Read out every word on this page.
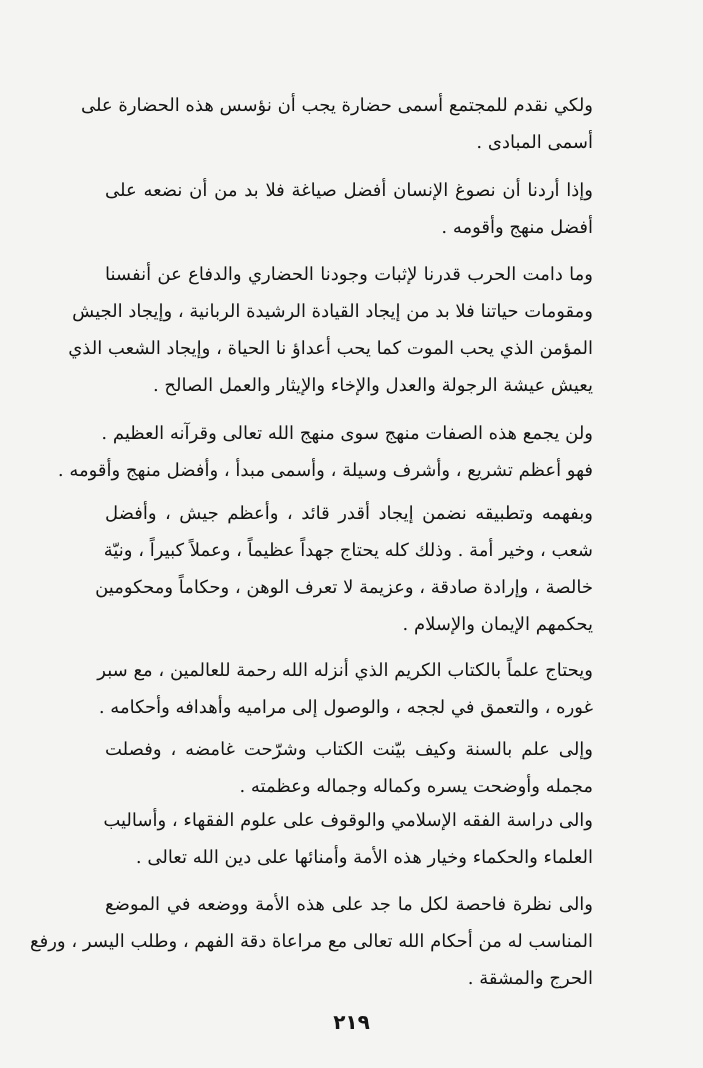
ولكي نقدم للمجتمع أسمى حضارة يجب أن نؤسس هذه الحضارة على
أسمى المبادى .
وإذا أردنا أن نصوغ الإنسان أفضل صياغة فلا بد من أن نضعه على
أفضل منهج وأقومه .
وما دامت الحرب قدرنا لإثبات وجودنا الحضاري والدفاع عن أنفسنا
ومقومات حياتنا فلا بد من إيجاد القيادة الرشيدة الربانية ، وإيجاد الجيش
المؤمن الذي يحب الموت كما يحب أعداؤ نا الحياة ، وإيجاد الشعب الذي
يعيش عيشة الرجولة والعدل والإخاء والإيثار والعمل الصالح .
ولن يجمع هذه الصفات منهج سوى منهج الله تعالى وقرآنه العظيم .
فهو أعظم تشريع ، وأشرف وسيلة ، وأسمى مبدأ ، وأفضل منهج وأقومه .
وبفهمه وتطبيقه نضمن إيجاد أقدر قائد ، وأعظم جيش ، وأفضل
شعب ، وخير أمة . وذلك كله يحتاج جهداً عظيماً ، وعملاً كبيراً ، ونيّة
خالصة ، وإرادة صادقة ، وعزيمة لا تعرف الوهن ، وحكاماً ومحكومين
يحكمهم الإيمان والإسلام .
ويحتاج علماً بالكتاب الكريم الذي أنزله الله رحمة للعالمين ، مع سبر
غوره ، والتعمق في لججه ، والوصول إلى مراميه وأهدافه وأحكامه .
وإلى علم بالسنة وكيف بيّنت الكتاب وشرّحت غامضه ، وفصلت
مجمله وأوضحت يسره وكماله وجماله وعظمته .
والى دراسة الفقه الإسلامي والوقوف على علوم الفقهاء ، وأساليب
العلماء والحكماء وخيار هذه الأمة وأمنائها على دين الله تعالى .
والى نظرة فاحصة لكل ما جد على هذه الأمة ووضعه في الموضع
المناسب له من أحكام الله تعالى مع مراعاة دقة الفهم ، وطلب اليسر ، ورفع
الحرج والمشقة .
٢١٩
